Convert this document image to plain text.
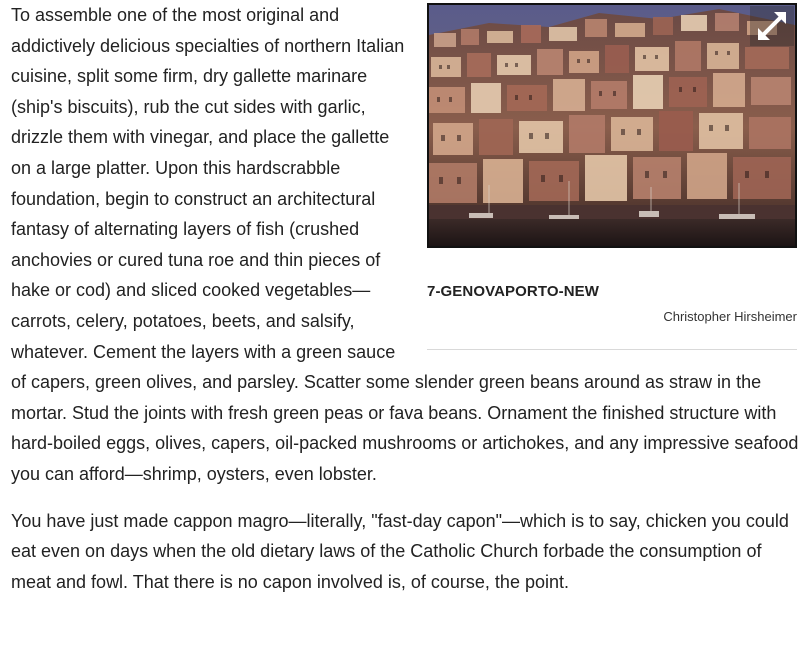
7-GENOVAPORTO-NEW
Christopher Hirsheimer

To assemble one of the most original and addictively delicious specialties of northern Italian cuisine, split some firm, dry gallette marinare (ship's biscuits), rub the cut sides with garlic, drizzle them with vinegar, and place the gallette on a large platter. Upon this hardscrabble foundation, begin to construct an architectural fantasy of alternating layers of fish (crushed anchovies or cured tuna roe and thin pieces of hake or cod) and sliced cooked vegetables—carrots, celery, potatoes, beets, and salsify, whatever. Cement the layers with a green sauce of capers, green olives, and parsley. Scatter some slender green beans around as straw in the mortar. Stud the joints with fresh green peas or fava beans. Ornament the finished structure with hard-boiled eggs, olives, capers, oil-packed mushrooms or artichokes, and any impressive seafood you can afford—shrimp, oysters, even lobster.

You have just made cappon magro—literally, "fast-day capon"—which is to say, chicken you could eat even on days when the old dietary laws of the Catholic Church forbade the consumption of meat and fowl. That there is no capon involved is, of course, the point.
